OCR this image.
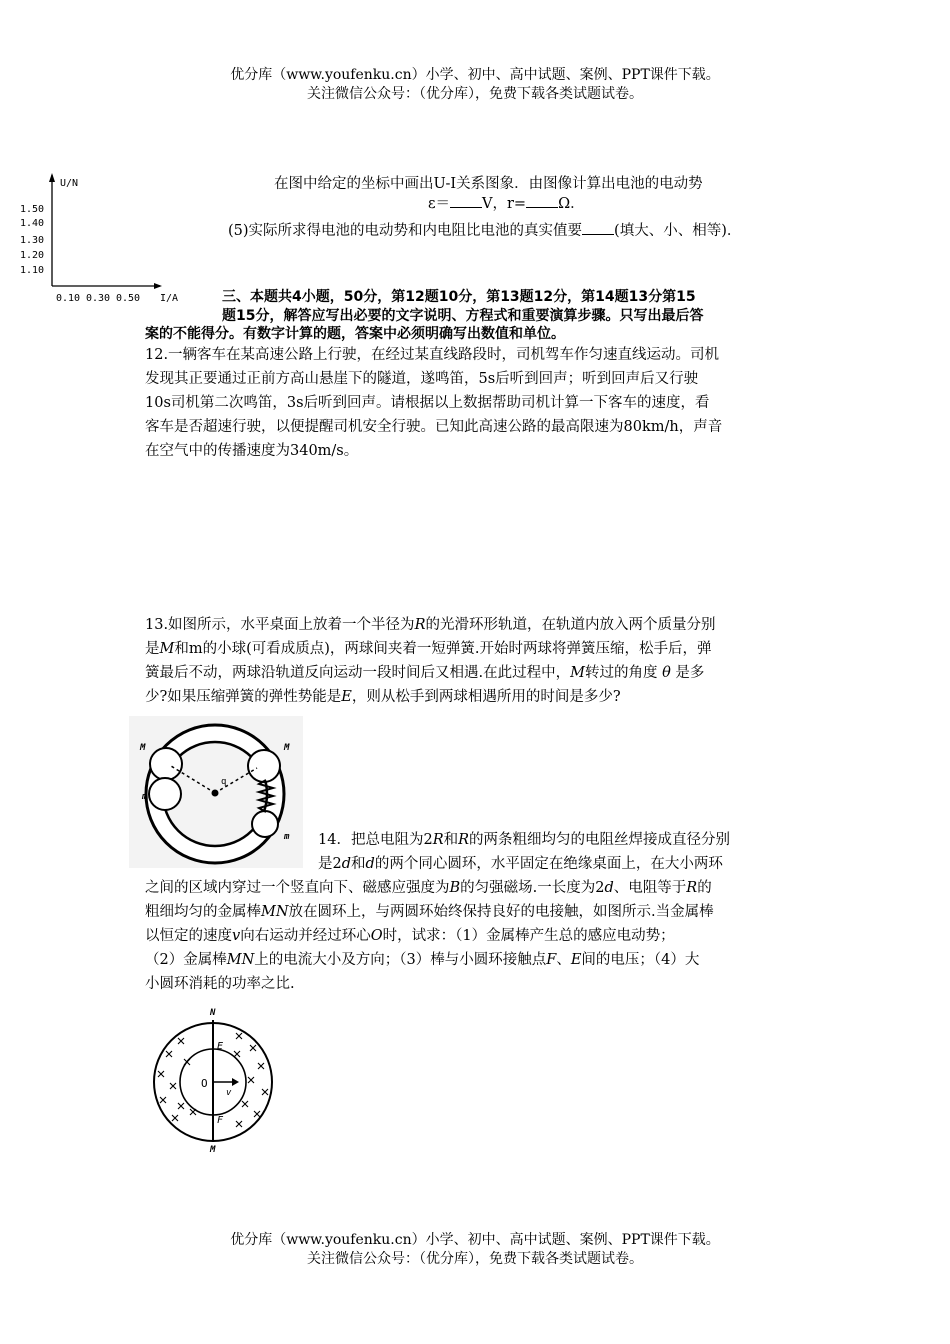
优分库（www.youfenku.cn）小学、初中、高中试题、案例、PPT课件下载。
关注微信公众号：（优分库），免费下载各类试题试卷。
U/N
I/A
1.50
1.40
1.30
1.20
1.10
0.10 0.30 0.50
在图中给定的坐标中画出U-I关系图象．由图像计算出电池的电动势
ε＝ V，r= Ω．
(5)实际所求得电池的电动势和内电阻比电池的真实值要 (填大、小、相等)．
三、本题共4小题，50分，第12题10分，第13题12分，第14题13分第15
题15分，解答应写出必要的文字说明、方程式和重要演算步骤。只写出最后答
案的不能得分。有数字计算的题，答案中必须明确写出数值和单位。
12.一辆客车在某高速公路上行驶，在经过某直线路段时，司机驾车作匀速直线运动。司机
发现其正要通过正前方高山悬崖下的隧道，遂鸣笛，5s后听到回声；听到回声后又行驶
10s司机第二次鸣笛，3s后听到回声。请根据以上数据帮助司机计算一下客车的速度，看
客车是否超速行驶，以便提醒司机安全行驶。已知此高速公路的最高限速为80km/h，声音
在空气中的传播速度为340m/s。
13.如图所示，水平桌面上放着一个半径为R的光滑环形轨道，在轨道内放入两个质量分别
是M和m的小球(可看成质点)，两球间夹着一短弹簧.开始时两球将弹簧压缩，松手后，弹
簧最后不动，两球沿轨道反向运动一段时间后又相遇.在此过程中，M转过的角度 θ 是多
少?如果压缩弹簧的弹性势能是E，则从松手到两球相遇所用的时间是多少?
M
m
M
m
q
14．把总电阻为2R和R的两条粗细均匀的电阻丝焊接成直径分别
是2d和d的两个同心圆环，水平固定在绝缘桌面上，在大小两环
之间的区域内穿过一个竖直向下、磁感应强度为B的匀强磁场.一长度为2d、电阻等于R的
粗细均匀的金属棒MN放在圆环上，与两圆环始终保持良好的电接触，如图所示.当金属棒
以恒定的速度v向右运动并经过环心O时，试求：（1）金属棒产生总的感应电动势；
（2）金属棒MN上的电流大小及方向；（3）棒与小圆环接触点F、E间的电压；（4）大
小圆环消耗的功率之比.
N
M
E
F
O
v
优分库（www.youfenku.cn）小学、初中、高中试题、案例、PPT课件下载。
关注微信公众号：（优分库），免费下载各类试题试卷。
